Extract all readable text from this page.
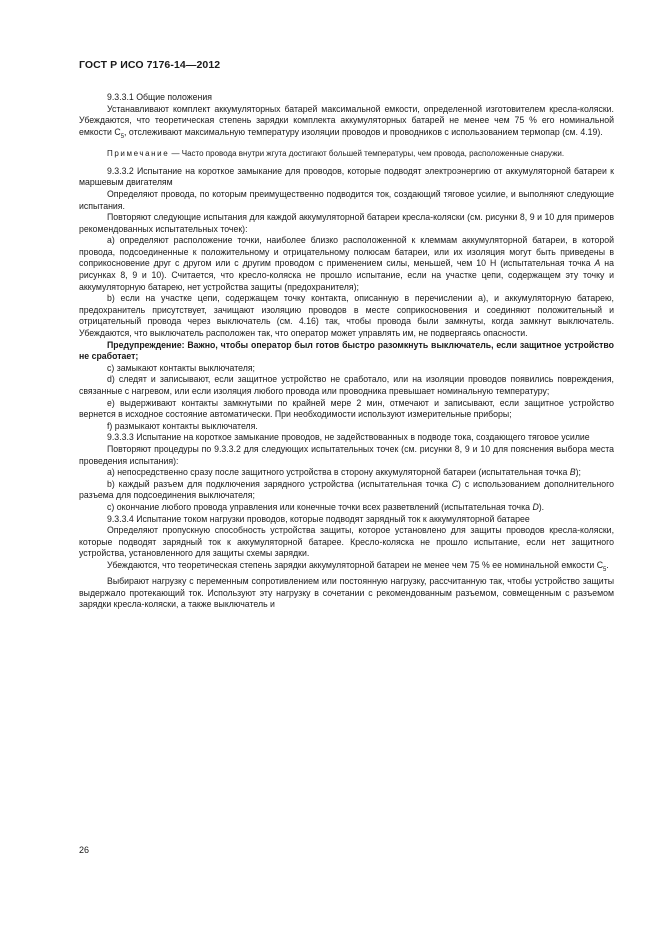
ГОСТ Р ИСО 7176-14—2012

9.3.3.1 Общие положения

Устанавливают комплект аккумуляторных батарей максимальной емкости, определенной изготовителем кресла-коляски. Убеждаются, что теоретическая степень зарядки комплекта аккумуляторных батарей не менее чем 75 % его номинальной емкости $C_5$, отслеживают максимальную температуру изоляции проводов и проводников с использованием термопар (см. 4.19).

Примечание — Часто провода внутри жгута достигают большей температуры, чем провода, расположенные снаружи.

9.3.3.2 Испытание на короткое замыкание для проводов, которые подводят электроэнергию от аккумуляторной батареи к маршевым двигателям

Определяют провода, по которым преимущественно подводится ток, создающий тяговое усилие, и выполняют следующие испытания.

Повторяют следующие испытания для каждой аккумуляторной батареи кресла-коляски (см. рисунки 8, 9 и 10 для примеров рекомендованных испытательных точек):

a) определяют расположение точки, наиболее близко расположенной к клеммам аккумуляторной батареи, в которой провода, подсоединенные к положительному и отрицательному полюсам батареи, или их изоляция могут быть приведены в соприкосновение друг с другом или с другим проводом с применением силы, меньшей, чем 10 Н (испытательная точка A на рисунках 8, 9 и 10). Считается, что кресло-коляска не прошло испытание, если на участке цепи, содержащем эту точку и аккумуляторную батарею, нет устройства защиты (предохранителя);

b) если на участке цепи, содержащем точку контакта, описанную в перечислении а), и аккумуляторную батарею, предохранитель присутствует, зачищают изоляцию проводов в месте соприкосновения и соединяют положительный и отрицательный провода через выключатель (см. 4.16) так, чтобы провода были замкнуты, когда замкнут выключатель. Убеждаются, что выключатель расположен так, что оператор может управлять им, не подвергаясь опасности.

Предупреждение: Важно, чтобы оператор был готов быстро разомкнуть выключатель, если защитное устройство не сработает;

c) замыкают контакты выключателя;

d) следят и записывают, если защитное устройство не сработало, или на изоляции проводов появились повреждения, связанные с нагревом, или если изоляция любого провода или проводника превышает номинальную температуру;

e) выдерживают контакты замкнутыми по крайней мере 2 мин, отмечают и записывают, если защитное устройство вернется в исходное состояние автоматически. При необходимости используют измерительные приборы;

f) размыкают контакты выключателя.

9.3.3.3 Испытание на короткое замыкание проводов, не задействованных в подводе тока, создающего тяговое усилие

Повторяют процедуры по 9.3.3.2 для следующих испытательных точек (см. рисунки 8, 9 и 10 для пояснения выбора места проведения испытания):

a) непосредственно сразу после защитного устройства в сторону аккумуляторной батареи (испытательная точка B);

b) каждый разъем для подключения зарядного устройства (испытательная точка C) с использованием дополнительного разъема для подсоединения выключателя;

c) окончание любого провода управления или конечные точки всех разветвлений (испытательная точка D).

9.3.3.4 Испытание током нагрузки проводов, которые подводят зарядный ток к аккумуляторной батарее

Определяют пропускную способность устройства защиты, которое установлено для защиты проводов кресла-коляски, которые подводят зарядный ток к аккумуляторной батарее. Кресло-коляска не прошло испытание, если нет защитного устройства, установленного для защиты схемы зарядки.

Убеждаются, что теоретическая степень зарядки аккумуляторной батареи не менее чем 75 % ее номинальной емкости $C_5$.

Выбирают нагрузку с переменным сопротивлением или постоянную нагрузку, рассчитанную так, чтобы устройство защиты выдержало протекающий ток. Используют эту нагрузку в сочетании с рекомендованным разъемом, совмещенным с разъемом зарядки кресла-коляски, а также выключатель и

26
